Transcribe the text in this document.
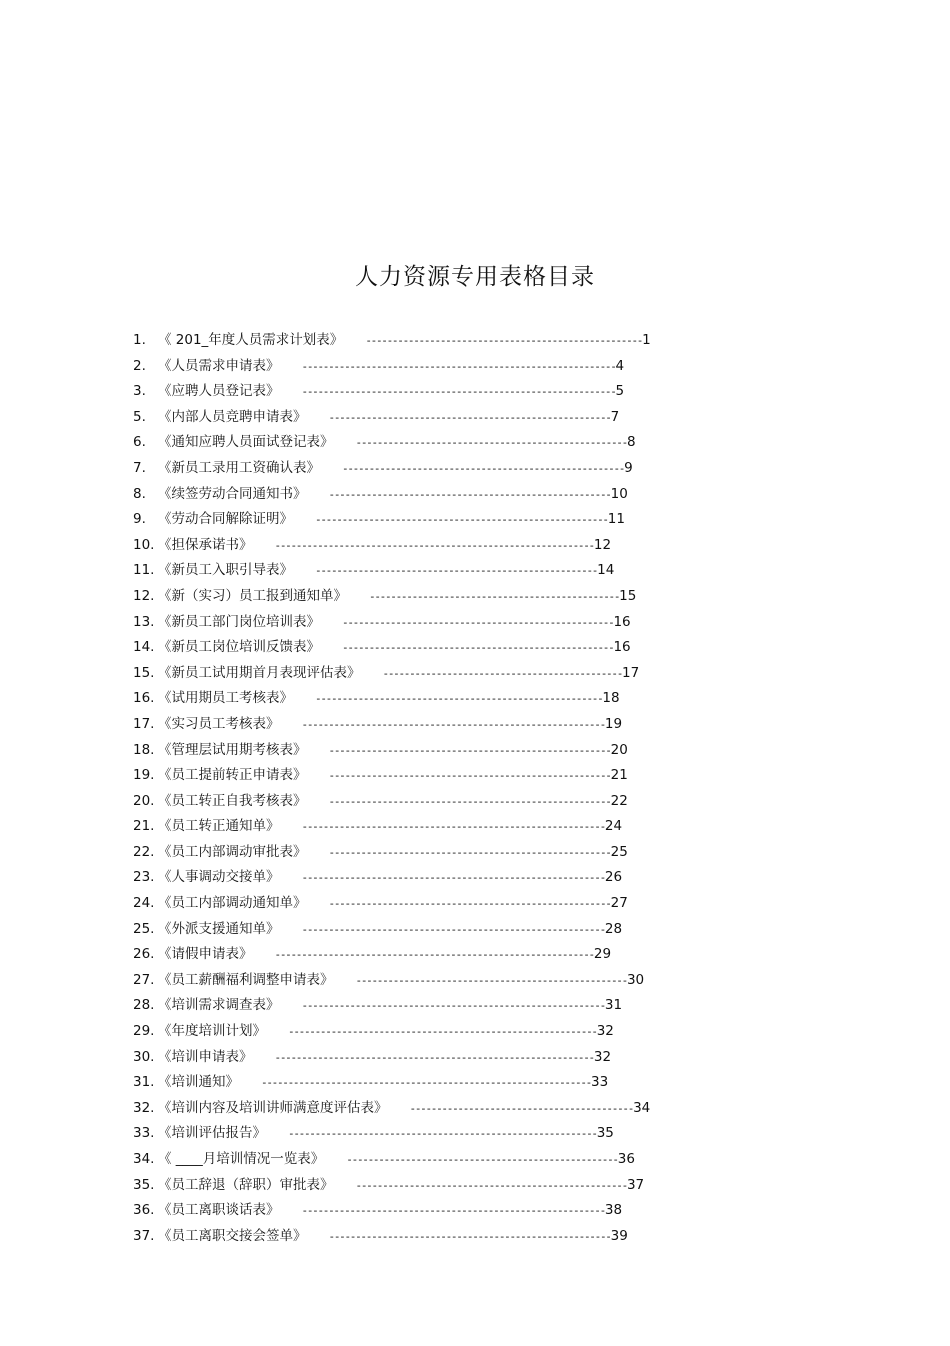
人力资源专用表格目录
1. 《 201_年度人员需求计划表》 ---------------------------------------------------- 1
2. 《人员需求申请表》 ----------------------------------------------------------- 4
3. 《应聘人员登记表》 ----------------------------------------------------------- 5
5. 《内部人员竞聘申请表》 ----------------------------------------------------- 7
6. 《通知应聘人员面试登记表》 --------------------------------------------------- 8
7. 《新员工录用工资确认表》 ----------------------------------------------------- 9
8. 《续签劳动合同通知书》 ----------------------------------------------------- 10
9. 《劳动合同解除证明》 ------------------------------------------------------- 11
10. 《担保承诺书》 ------------------------------------------------------------ 12
11. 《新员工入职引导表》 ----------------------------------------------------- 14
12. 《新（实习）员工报到通知单》 ----------------------------------------------- 15
13. 《新员工部门岗位培训表》 --------------------------------------------------- 16
14. 《新员工岗位培训反馈表》 --------------------------------------------------- 16
15. 《新员工试用期首月表现评估表》 --------------------------------------------- 17
16. 《试用期员工考核表》 ------------------------------------------------------ 18
17. 《实习员工考核表》 --------------------------------------------------------- 19
18. 《管理层试用期考核表》 ----------------------------------------------------- 20
19. 《员工提前转正申请表》 ----------------------------------------------------- 21
20. 《员工转正自我考核表》 ----------------------------------------------------- 22
21. 《员工转正通知单》 --------------------------------------------------------- 24
22. 《员工内部调动审批表》 ----------------------------------------------------- 25
23. 《人事调动交接单》 --------------------------------------------------------- 26
24. 《员工内部调动通知单》 ----------------------------------------------------- 27
25. 《外派支援通知单》 --------------------------------------------------------- 28
26. 《请假申请表》 ------------------------------------------------------------ 29
27. 《员工薪酬福利调整申请表》 --------------------------------------------------- 30
28. 《培训需求调查表》 --------------------------------------------------------- 31
29. 《年度培训计划》 ---------------------------------------------------------- 32
30. 《培训申请表》 ------------------------------------------------------------ 32
31. 《培训通知》 -------------------------------------------------------------- 33
32. 《培训内容及培训讲师满意度评估表》 ------------------------------------------ 34
33. 《培训评估报告》 ---------------------------------------------------------- 35
34. 《 ____月培训情况一览表》 --------------------------------------------------- 36
35. 《员工辞退（辞职）审批表》 --------------------------------------------------- 37
36. 《员工离职谈话表》 --------------------------------------------------------- 38
37. 《员工离职交接会签单》 ----------------------------------------------------- 39
